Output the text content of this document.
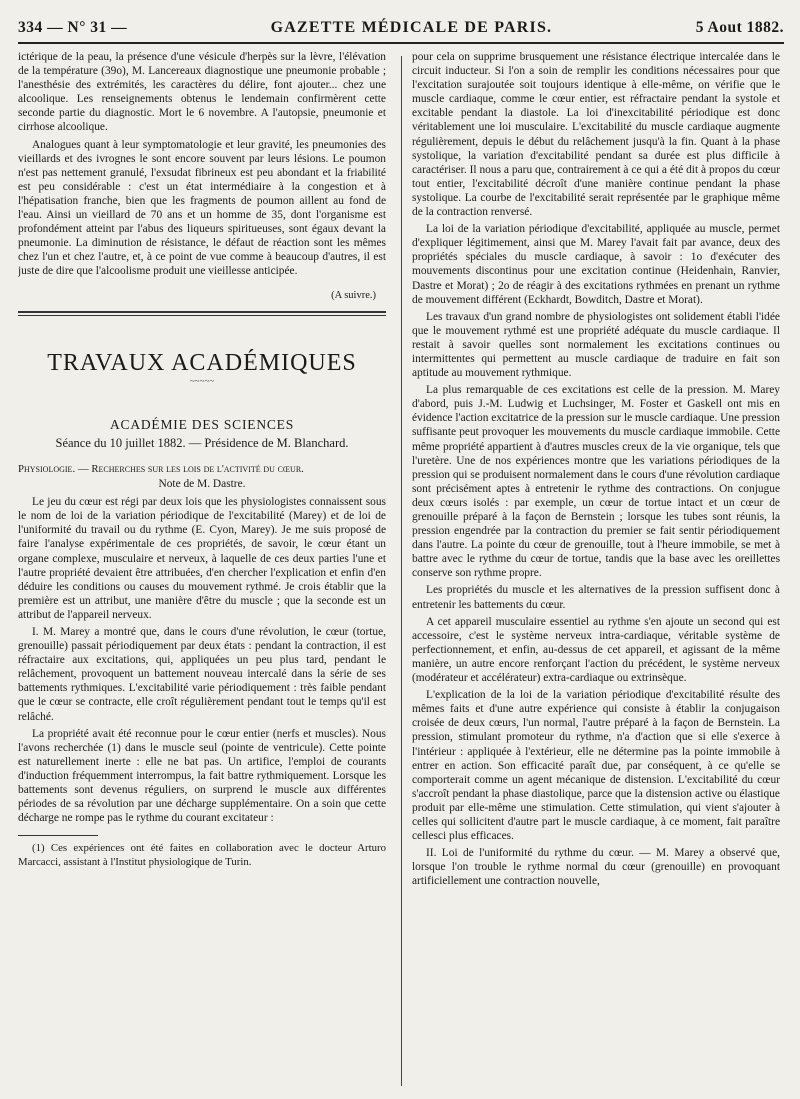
334 — N° 31 —	GAZETTE MÉDICALE DE PARIS.	5 Aout 1882.

ictérique de la peau, la présence d'une vésicule d'herpès sur la lèvre, l'élévation de la température (39o), M. Lancereaux diagnostique une pneumonie probable ; l'anesthésie des extrémités, les caractères du délire, font ajouter... chez une alcoolique. Les renseignements obtenus le lendemain confirmèrent cette seconde partie du diagnostic. Mort le 6 novembre. A l'autopsie, pneumonie et cirrhose alcoolique.

Analogues quant à leur symptomatologie et leur gravité, les pneumonies des vieillards et des ivrognes le sont encore souvent par leurs lésions. Le poumon n'est pas nettement granulé, l'exsudat fibrineux est peu abondant et la friabilité est peu considérable : c'est un état intermédiaire à la congestion et à l'hépatisation franche, bien que les fragments de poumon aillent au fond de l'eau. Ainsi un vieillard de 70 ans et un homme de 35, dont l'organisme est profondément atteint par l'abus des liqueurs spiritueuses, sont égaux devant la pneumonie. La diminution de résistance, le défaut de réaction sont les mêmes chez l'un et chez l'autre, et, à ce point de vue comme à beaucoup d'autres, il est juste de dire que l'alcoolisme produit une vieillesse anticipée.

(A suivre.)
TRAVAUX ACADÉMIQUES
~~~~~
ACADÉMIE DES SCIENCES
Séance du 10 juillet 1882. — Présidence de M. Blanchard.

Physiologie. — Recherches sur les lois de l'activité du cœur.

Note de M. Dastre.

Le jeu du cœur est régi par deux lois que les physiologistes connaissent sous le nom de loi de la variation périodique de l'excitabilité (Marey) et de loi de l'uniformité du travail ou du rythme (E. Cyon, Marey). Je me suis proposé de faire l'analyse expérimentale de ces propriétés, de savoir, le cœur étant un organe complexe, musculaire et nerveux, à laquelle de ces deux parties l'une et l'autre propriété devaient être attribuées, d'en chercher l'explication et enfin d'en déduire les conditions ou causes du mouvement rythmé. Je crois établir que la première est un attribut, une manière d'être du muscle ; que la seconde est un attribut de l'appareil nerveux.

I. M. Marey a montré que, dans le cours d'une révolution, le cœur (tortue, grenouille) passait périodiquement par deux états : pendant la contraction, il est réfractaire aux excitations, qui, appliquées un peu plus tard, pendant le relâchement, provoquent un battement nouveau intercalé dans la série de ses battements rythmiques. L'excitabilité varie périodiquement : très faible pendant que le cœur se contracte, elle croît régulièrement pendant tout le temps qu'il est relâché.

La propriété avait été reconnue pour le cœur entier (nerfs et muscles). Nous l'avons recherchée (1) dans le muscle seul (pointe de ventricule). Cette pointe est naturellement inerte : elle ne bat pas. Un artifice, l'emploi de courants d'induction fréquemment interrompus, la fait battre rythmiquement. Lorsque les battements sont devenus réguliers, on surprend le muscle aux différentes périodes de sa révolution par une décharge supplémentaire. On a soin que cette décharge ne rompe pas le rythme du courant excitateur :

(1) Ces expériences ont été faites en collaboration avec le docteur Arturo Marcacci, assistant à l'Institut physiologique de Turin.

pour cela on supprime brusquement une résistance électrique intercalée dans le circuit inducteur. Si l'on a soin de remplir les conditions nécessaires pour que l'excitation surajoutée soit toujours identique à elle-même, on vérifie que le muscle cardiaque, comme le cœur entier, est réfractaire pendant la systole et excitable pendant la diastole. La loi d'inexcitabilité périodique est donc véritablement une loi musculaire. L'excitabilité du muscle cardiaque augmente régulièrement, depuis le début du relâchement jusqu'à la fin. Quant à la phase systolique, la variation d'excitabilité pendant sa durée est plus difficile à caractériser. Il nous a paru que, contrairement à ce qui a été dit à propos du cœur tout entier, l'excitabilité décroît d'une manière continue pendant la phase systolique. La courbe de l'excitabilité serait représentée par le graphique même de la contraction renversé.

La loi de la variation périodique d'excitabilité, appliquée au muscle, permet d'expliquer légitimement, ainsi que M. Marey l'avait fait par avance, deux des propriétés spéciales du muscle cardiaque, à savoir : 1o d'exécuter des mouvements discontinus pour une excitation continue (Heidenhain, Ranvier, Dastre et Morat) ; 2o de réagir à des excitations rythmées en prenant un rythme de mouvement différent (Eckhardt, Bowditch, Dastre et Morat).

Les travaux d'un grand nombre de physiologistes ont solidement établi l'idée que le mouvement rythmé est une propriété adéquate du muscle cardiaque. Il restait à savoir quelles sont normalement les excitations continues ou intermittentes qui permettent au muscle cardiaque de traduire en fait son aptitude au mouvement rythmique.

La plus remarquable de ces excitations est celle de la pression. M. Marey d'abord, puis J.-M. Ludwig et Luchsinger, M. Foster et Gaskell ont mis en évidence l'action excitatrice de la pression sur le muscle cardiaque. Une pression suffisante peut provoquer les mouvements du muscle cardiaque immobile. Cette même propriété appartient à d'autres muscles creux de la vie organique, tels que l'uretère. Une de nos expériences montre que les variations périodiques de la pression qui se produisent normalement dans le cours d'une révolution cardiaque sont précisément aptes à entretenir le rythme des contractions. On conjugue deux cœurs isolés : par exemple, un cœur de tortue intact et un cœur de grenouille préparé à la façon de Bernstein ; lorsque les tubes sont réunis, la pression engendrée par la contraction du premier se fait sentir périodiquement dans l'autre. La pointe du cœur de grenouille, tout à l'heure immobile, se met à battre avec le rythme du cœur de tortue, tandis que la base avec les oreillettes conserve son rythme propre.

Les propriétés du muscle et les alternatives de la pression suffisent donc à entretenir les battements du cœur.

A cet appareil musculaire essentiel au rythme s'en ajoute un second qui est accessoire, c'est le système nerveux intra-cardiaque, véritable système de perfectionnement, et enfin, au-dessus de cet appareil, et agissant de la même manière, un autre encore renforçant l'action du précédent, le système nerveux (modérateur et accélérateur) extra-cardiaque ou extrinsèque.

L'explication de la loi de la variation périodique d'excitabilité résulte des mêmes faits et d'une autre expérience qui consiste à établir la conjugaison croisée de deux cœurs, l'un normal, l'autre préparé à la façon de Bernstein. La pression, stimulant promoteur du rythme, n'a d'action que si elle s'exerce à l'intérieur : appliquée à l'extérieur, elle ne détermine pas la pointe immobile à entrer en action. Son efficacité paraît due, par conséquent, à ce qu'elle se comporterait comme un agent mécanique de distension. L'excitabilité du cœur s'accroît pendant la phase diastolique, parce que la distension active ou élastique produit par elle-même une stimulation. Cette stimulation, qui vient s'ajouter à celles qui sollicitent d'autre part le muscle cardiaque, à ce moment, fait paraître cellesci plus efficaces.

II. Loi de l'uniformité du rythme du cœur. — M. Marey a observé que, lorsque l'on trouble le rythme normal du cœur (grenouille) en provoquant artificiellement une contraction nouvelle,
